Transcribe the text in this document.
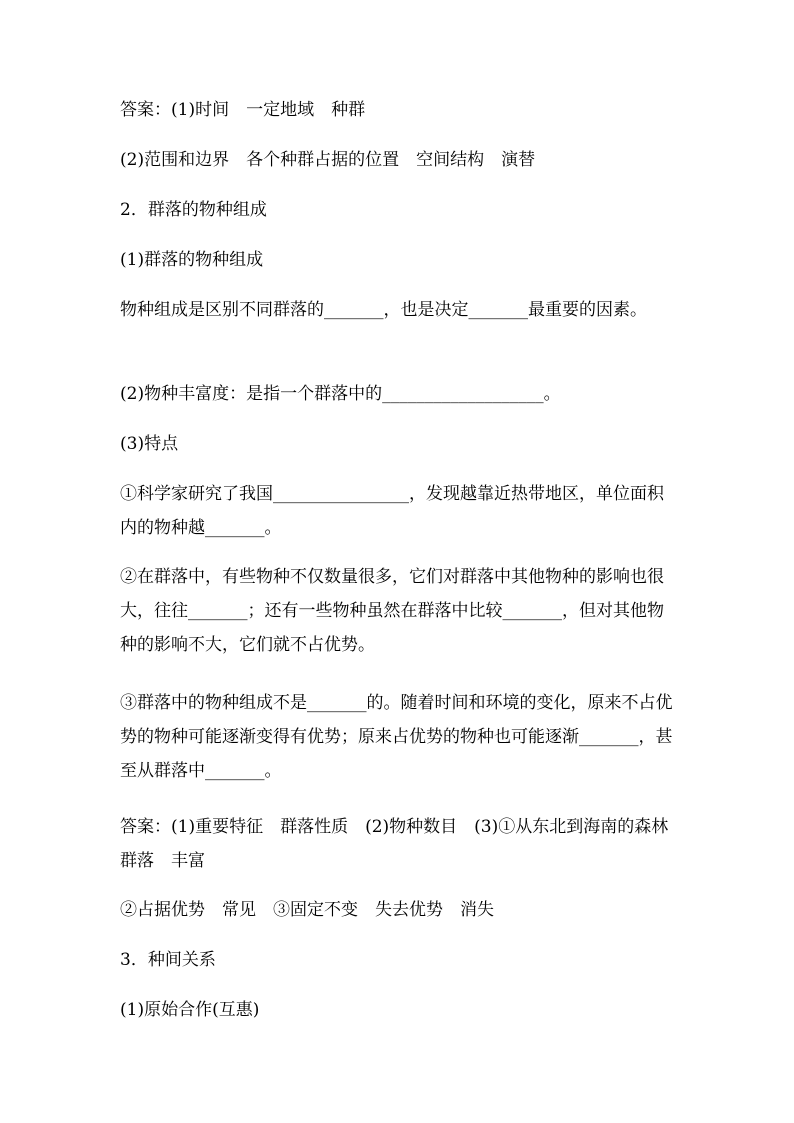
答案：(1)时间　一定地域　种群

(2)范围和边界　各个种群占据的位置　空间结构　演替

2．群落的物种组成

(1)群落的物种组成

物种组成是区别不同群落的_______，也是决定_______最重要的因素。

(2)物种丰富度：是指一个群落中的___________________。

(3)特点

①科学家研究了我国________________，发现越靠近热带地区，单位面积内的物种越_______。

②在群落中，有些物种不仅数量很多，它们对群落中其他物种的影响也很大，往往_______；还有一些物种虽然在群落中比较_______，但对其他物种的影响不大，它们就不占优势。

③群落中的物种组成不是_______的。随着时间和环境的变化，原来不占优势的物种可能逐渐变得有优势；原来占优势的物种也可能逐渐_______，甚至从群落中_______。

答案：(1)重要特征　群落性质　(2)物种数目　(3)①从东北到海南的森林群落　丰富

②占据优势　常见　③固定不变　失去优势　消失

3．种间关系

(1)原始合作(互惠)
